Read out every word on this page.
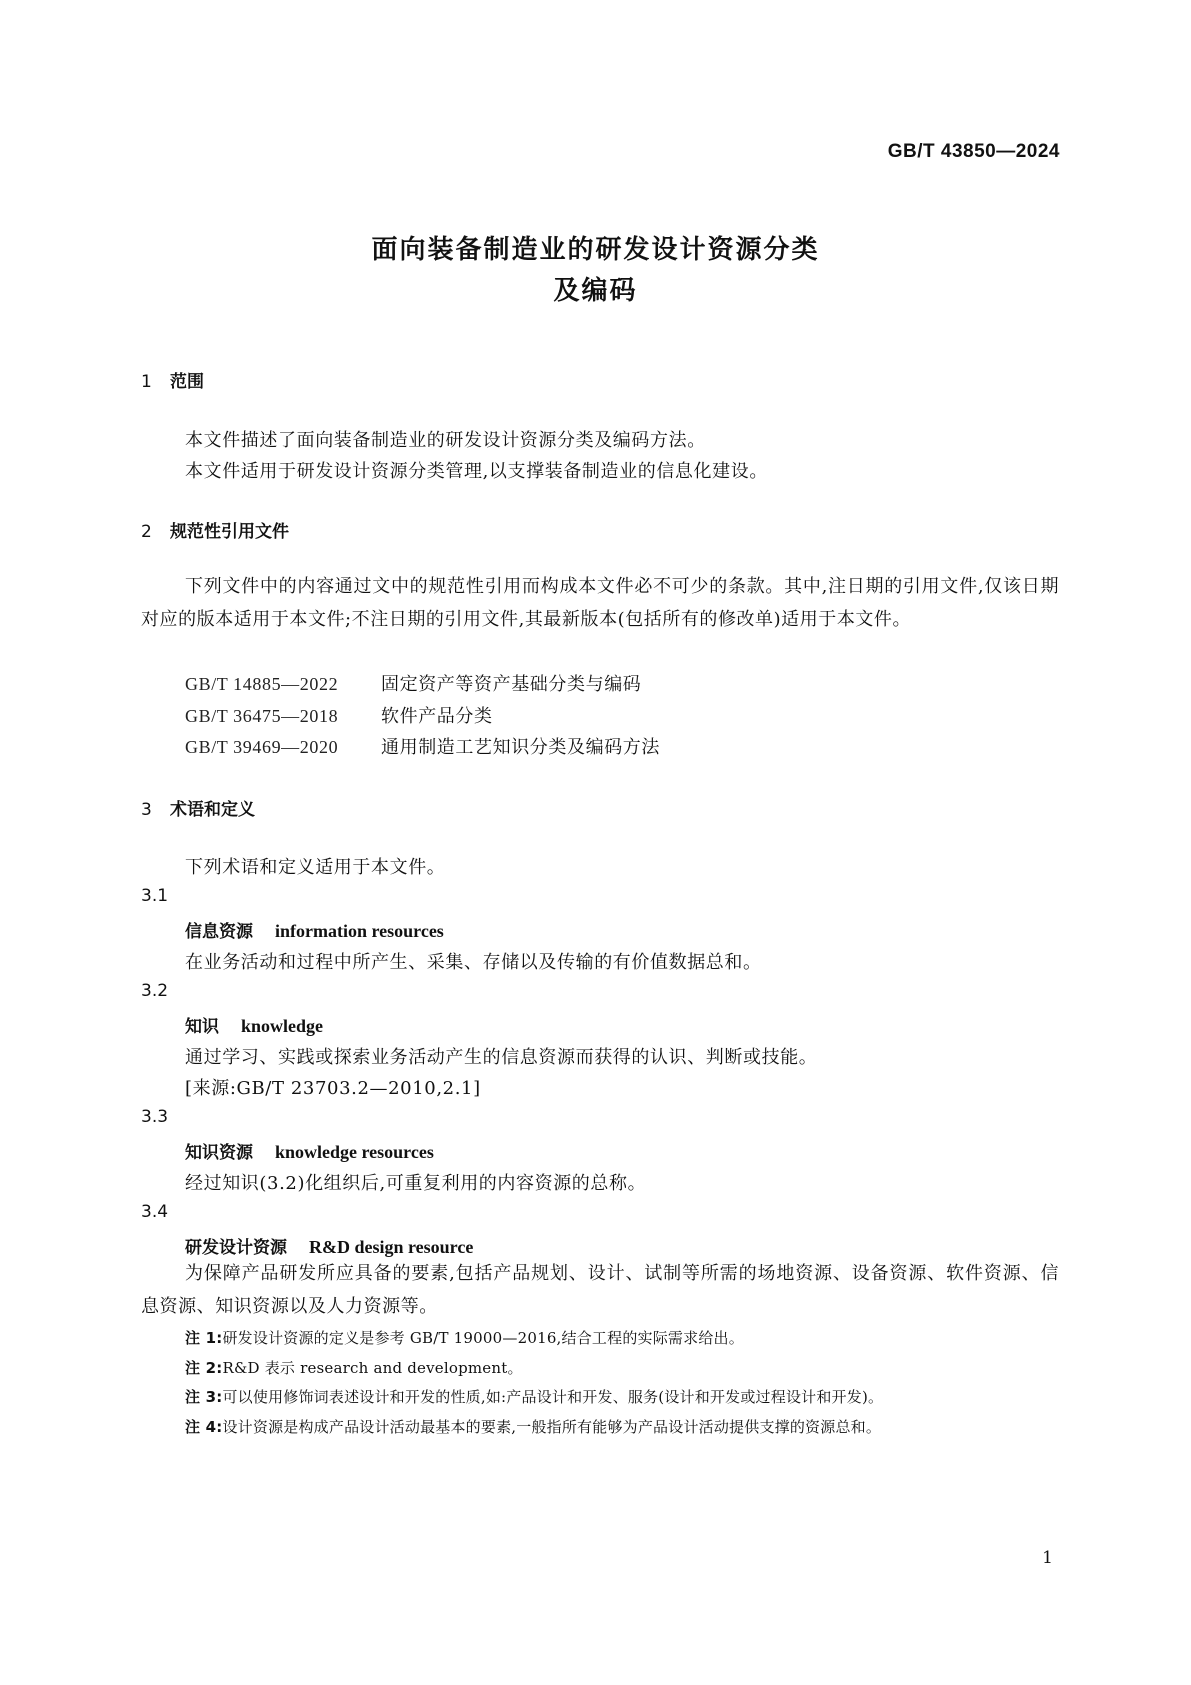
GB/T 43850—2024
面向装备制造业的研发设计资源分类
及编码
1 范围
本文件描述了面向装备制造业的研发设计资源分类及编码方法。
本文件适用于研发设计资源分类管理,以支撑装备制造业的信息化建设。
2 规范性引用文件
下列文件中的内容通过文中的规范性引用而构成本文件必不可少的条款。其中,注日期的引用文件,仅该日期对应的版本适用于本文件;不注日期的引用文件,其最新版本(包括所有的修改单)适用于本文件。
GB/T 14885—2022 固定资产等资产基础分类与编码
GB/T 36475—2018 软件产品分类
GB/T 39469—2020 通用制造工艺知识分类及编码方法
3 术语和定义
下列术语和定义适用于本文件。
3.1
信息资源 information resources
在业务活动和过程中所产生、采集、存储以及传输的有价值数据总和。
3.2
知识 knowledge
通过学习、实践或探索业务活动产生的信息资源而获得的认识、判断或技能。
[来源:GB/T 23703.2—2010,2.1]
3.3
知识资源 knowledge resources
经过知识(3.2)化组织后,可重复利用的内容资源的总称。
3.4
研发设计资源 R&D design resource
为保障产品研发所应具备的要素,包括产品规划、设计、试制等所需的场地资源、设备资源、软件资源、信息资源、知识资源以及人力资源等。
注 1:研发设计资源的定义是参考 GB/T 19000—2016,结合工程的实际需求给出。
注 2:R&D 表示 research and development。
注 3:可以使用修饰词表述设计和开发的性质,如:产品设计和开发、服务(设计和开发或过程设计和开发)。
注 4:设计资源是构成产品设计活动最基本的要素,一般指所有能够为产品设计活动提供支撑的资源总和。
1
